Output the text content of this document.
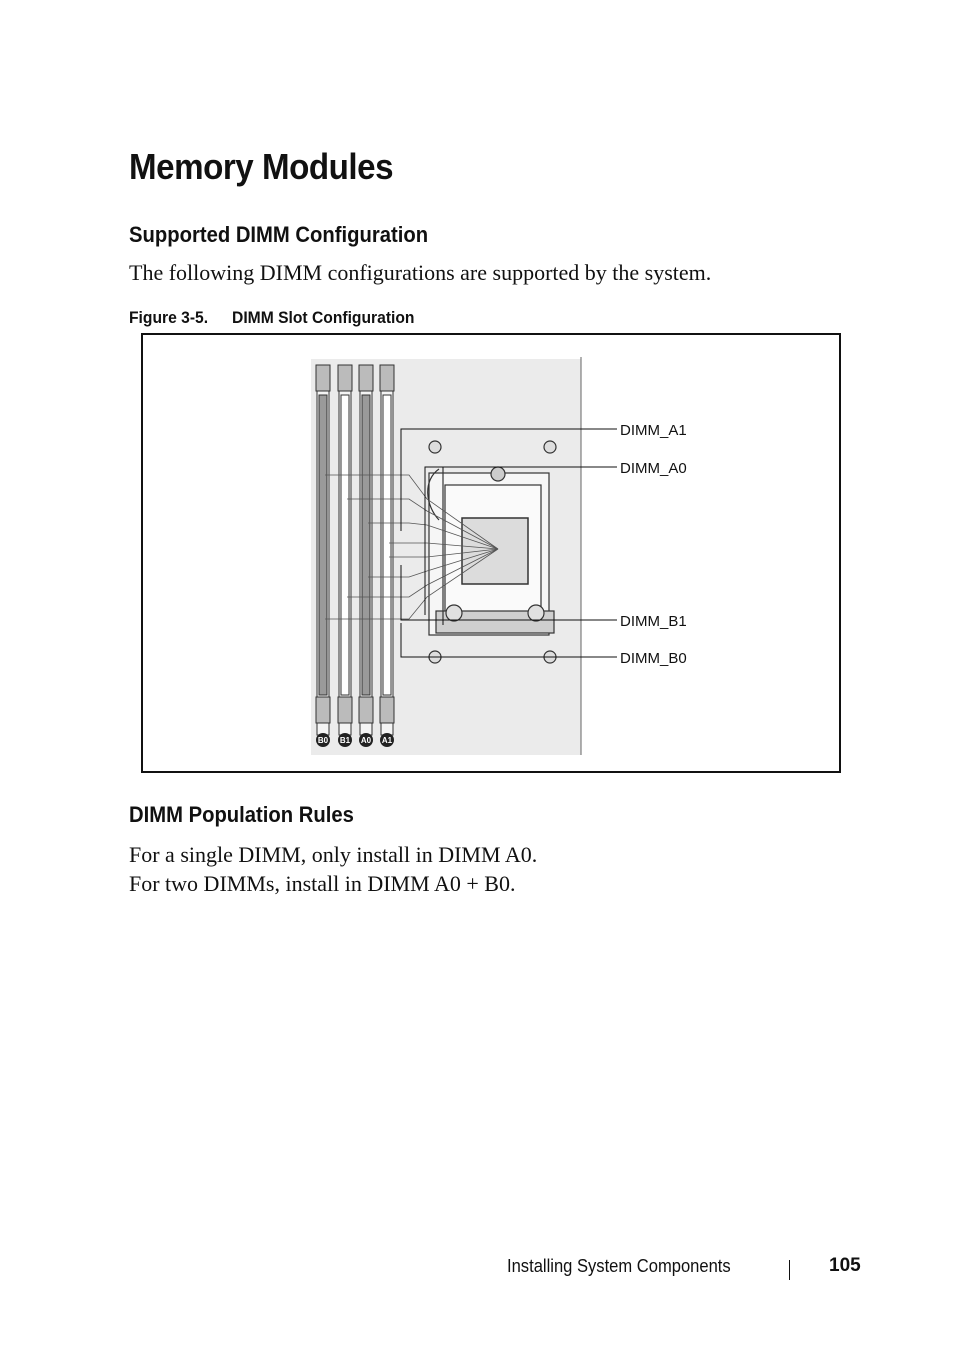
Memory Modules
Supported DIMM Configuration

The following DIMM configurations are supported by the system.

Figure 3-5. DIMM Slot Configuration
B0 B1 A0 A1
DIMM_A1
DIMM_A0
DIMM_B1
DIMM_B0
DIMM Population Rules

For a single DIMM, only install in DIMM A0.
For two DIMMs, install in DIMM A0 + B0.

Installing System Components	105
